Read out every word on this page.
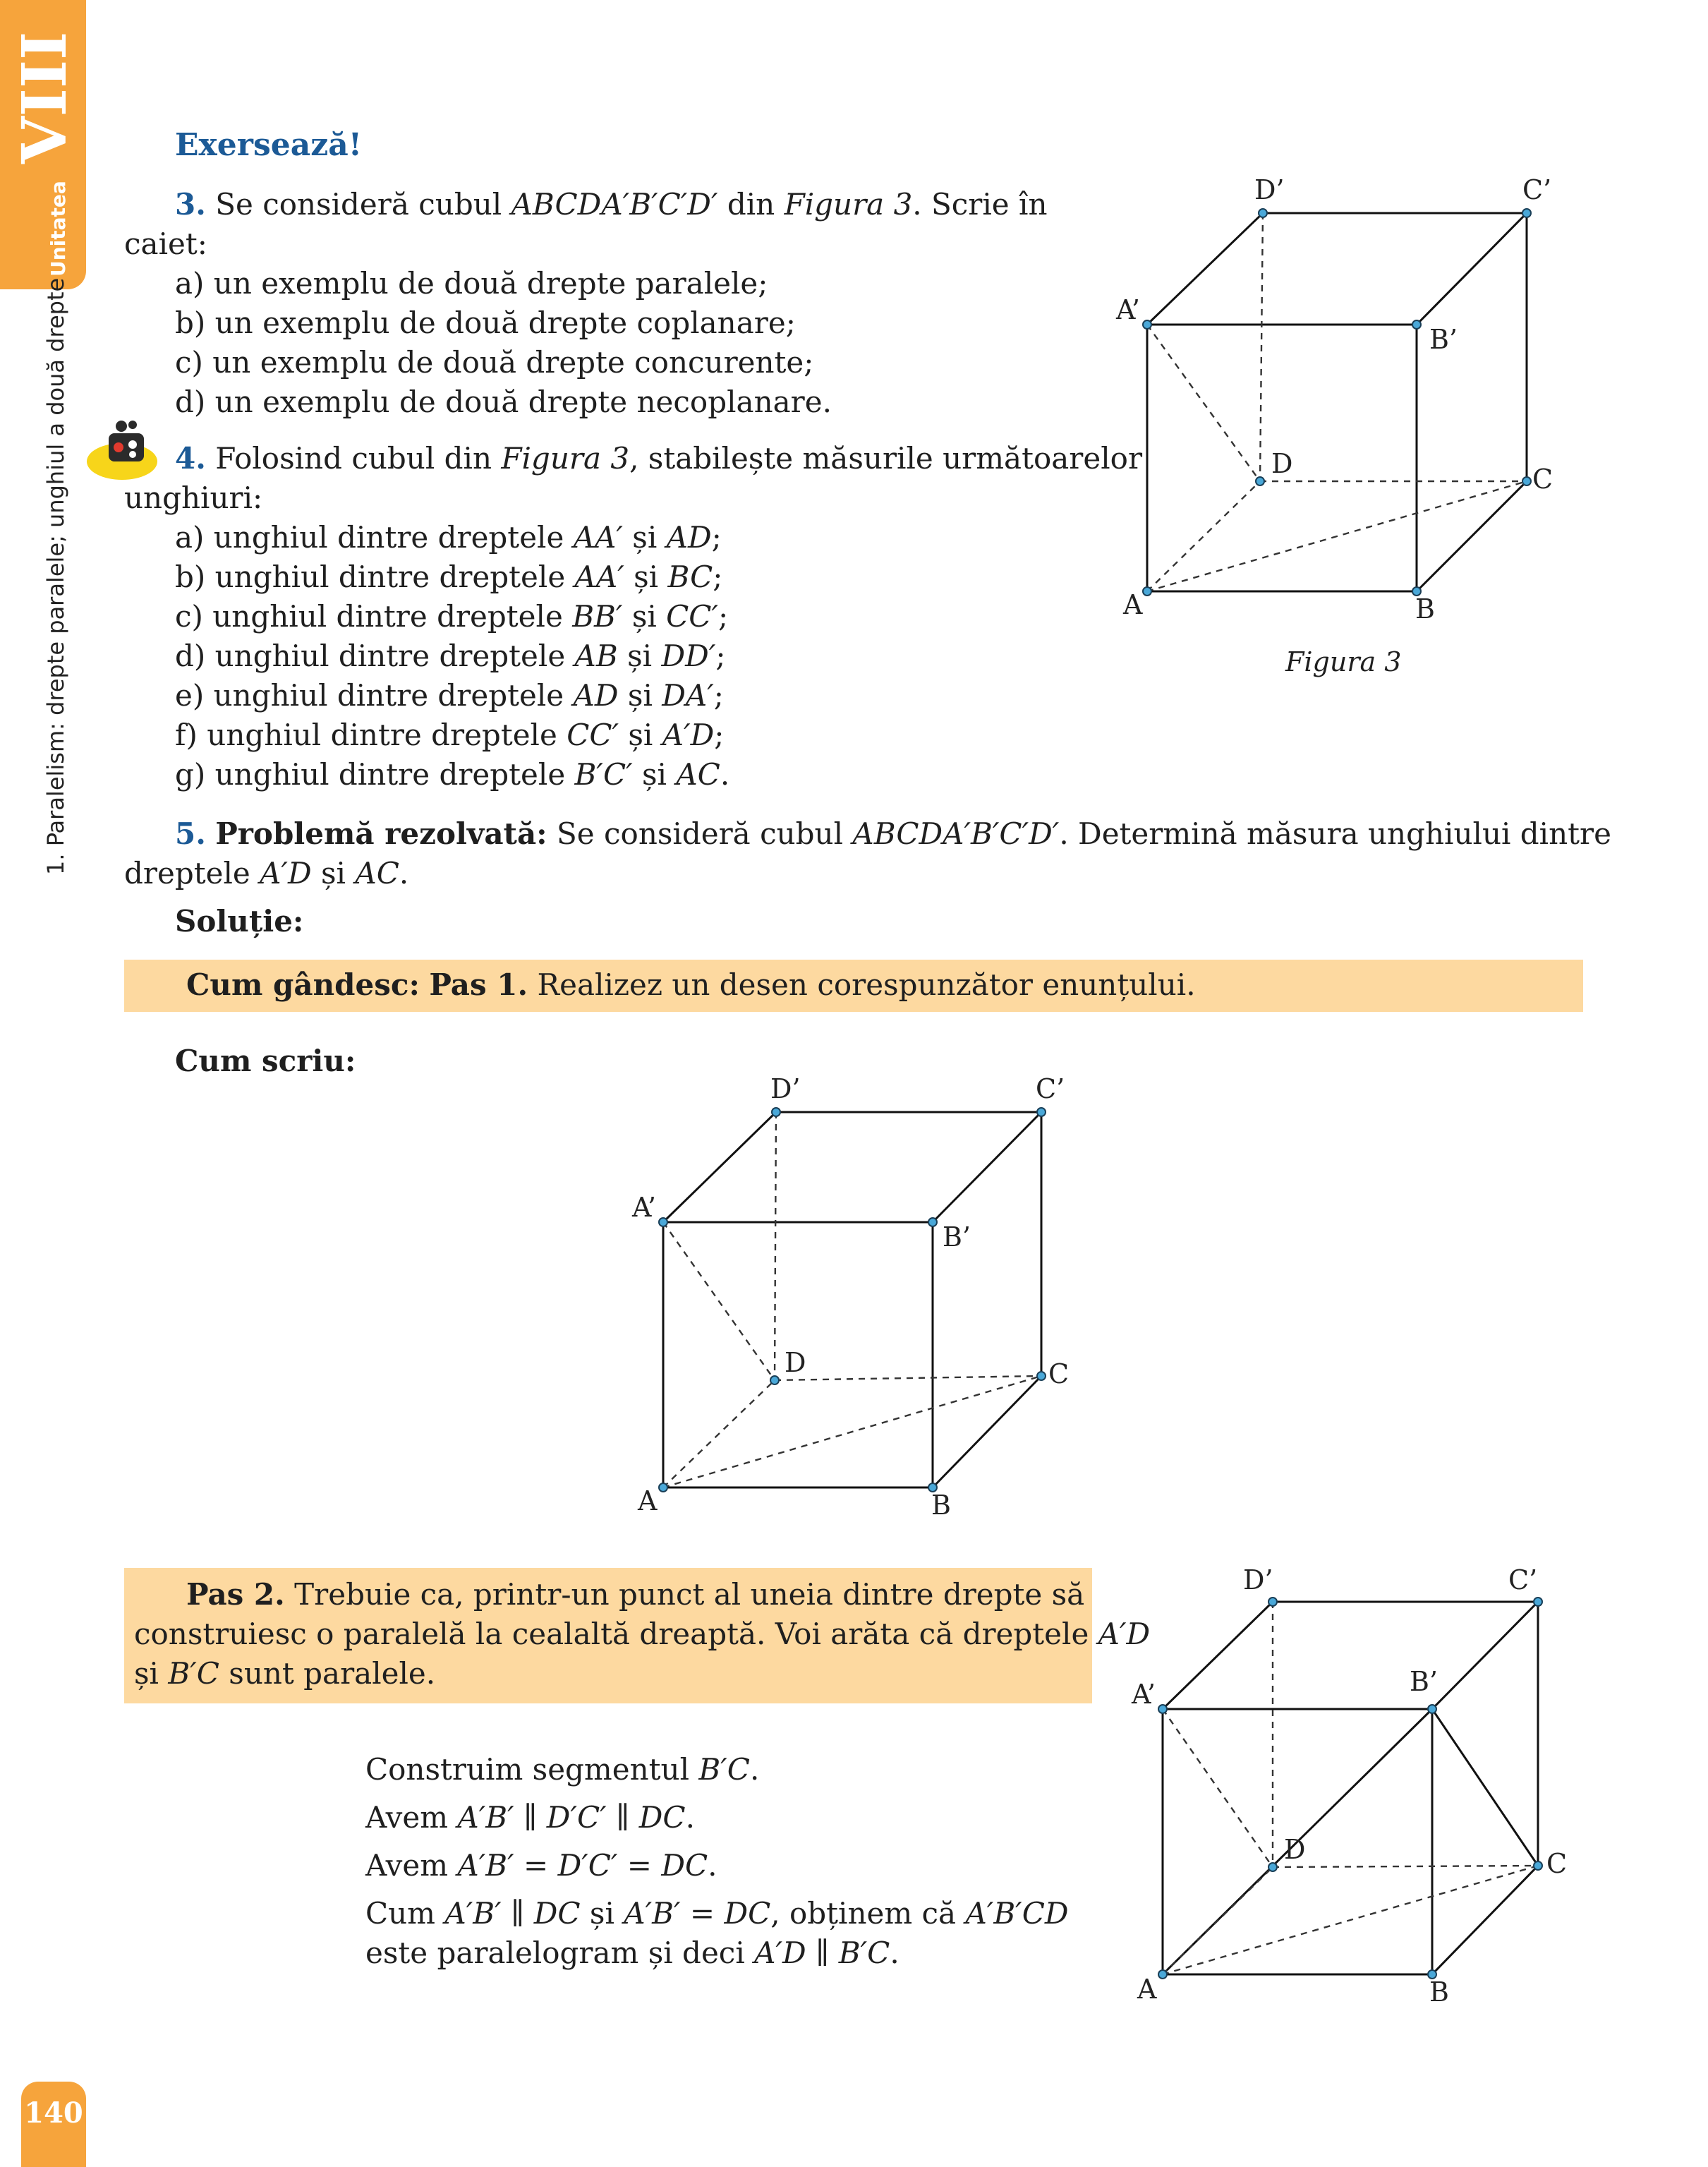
VIII
Unitatea
1. Paralelism: drepte paralele; unghiul a două drepte
Exersează!
3. Se consideră cubul ABCDA′B′C′D′ din Figura 3. Scrie în
caiet:
a) un exemplu de două drepte paralele;
b) un exemplu de două drepte coplanare;
c) un exemplu de două drepte concurente;
d) un exemplu de două drepte necoplanare.
4. Folosind cubul din Figura 3, stabilește măsurile următoarelor
unghiuri:
a) unghiul dintre dreptele AA′ și AD;
b) unghiul dintre dreptele AA′ și BC;
c) unghiul dintre dreptele BB′ și CC′;
d) unghiul dintre dreptele AB și DD′;
e) unghiul dintre dreptele AD și DA′;
f) unghiul dintre dreptele CC′ și A′D;
g) unghiul dintre dreptele B′C′ și AC.
D’	C’
A’
B’
D	C
A	B
Figura 3
5. Problemă rezolvată: Se consideră cubul ABCDA′B′C′D′. Determină măsura unghiului dintre
dreptele A′D și AC.
Soluție:
Cum gândesc: Pas 1. Realizez un desen corespunzător enunțului.
Cum scriu:
D’	C’
A’
B’
D	C
A	B
Pas 2. Trebuie ca, printr-un punct al uneia dintre drepte să
construiesc o paralelă la cealaltă dreaptă. Voi arăta că dreptele A′D
și B′C sunt paralele.
Construim segmentul B′C.
Avem A′B′ ∥ D′C′ ∥ DC.
Avem A′B′ = D′C′ = DC.
Cum A′B′ ∥ DC și A′B′ = DC, obținem că A′B′CD
este paralelogram și deci A′D ∥ B′C.
D’	C’
A’	B’
D	C
A	B
140
